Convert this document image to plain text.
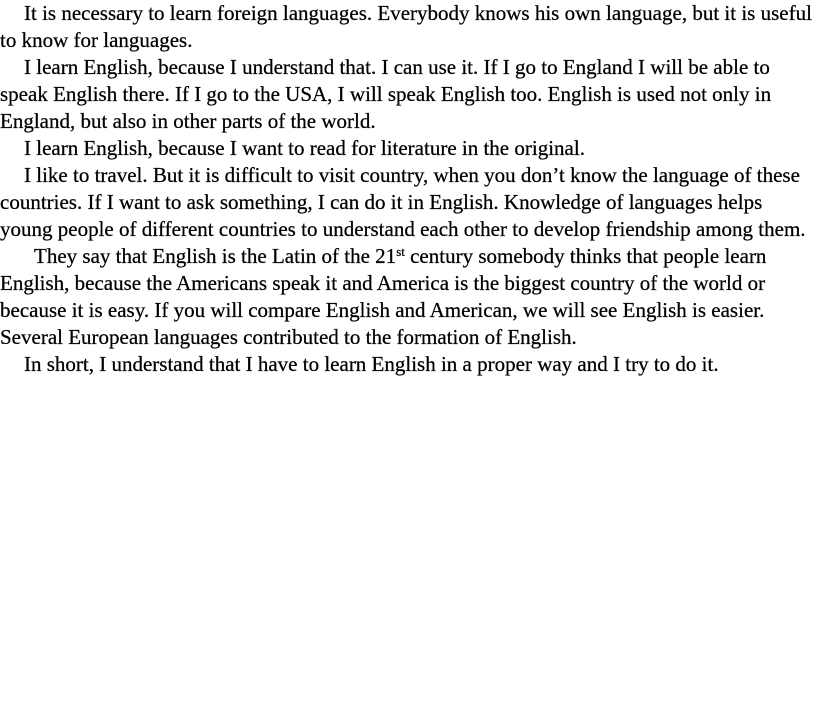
It is necessary to learn foreign languages. Everybody knows his own language, but it is useful to know for languages.

I learn English, because I understand that. I can use it. If I go to England I will be able to speak English there. If I go to the USA, I will speak English too. English is used not only in England, but also in other parts of the world.

I learn English, because I want to read for literature in the original.

I like to travel. But it is difficult to visit country, when you don’t know the language of these countries. If I want to ask something, I can do it in English. Knowledge of languages helps young people of different countries to understand each other to develop friendship among them.

They say that English is the Latin of the 21st century somebody thinks that people learn English, because the Americans speak it and America is the biggest country of the world or because it is easy. If you will compare English and American, we will see English is easier. Several European languages contributed to the formation of English.

In short, I understand that I have to learn English in a proper way and I try to do it.
